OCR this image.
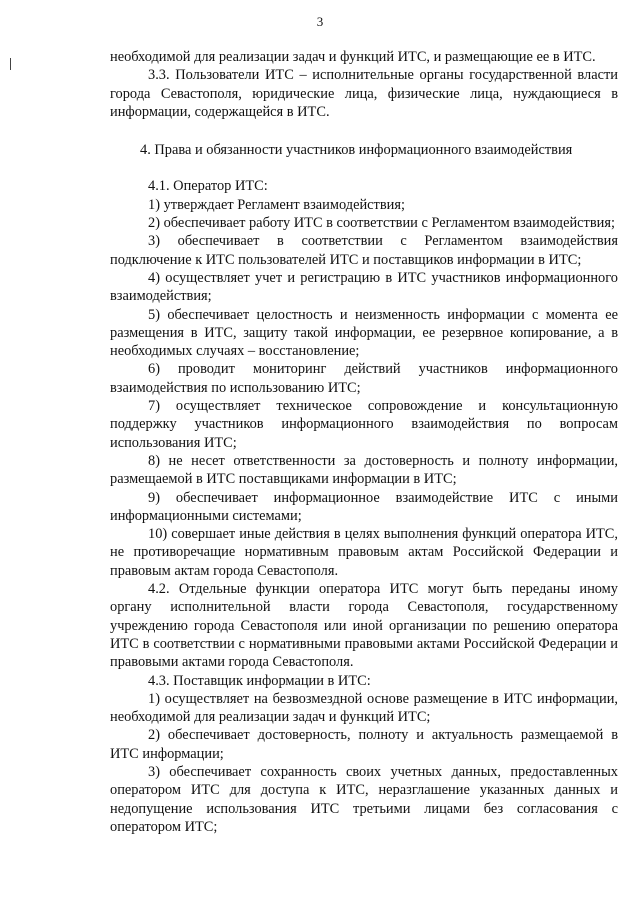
3

необходимой для реализации задач и функций ИТС, и размещающие ее в ИТС.

3.3. Пользователи ИТС – исполнительные органы государственной власти города Севастополя, юридические лица, физические лица, нуждающиеся в информации, содержащейся в ИТС.

4. Права и обязанности участников информационного взаимодействия

4.1. Оператор ИТС:

1) утверждает Регламент взаимодействия;

2) обеспечивает работу ИТС в соответствии с Регламентом взаимодействия;

3) обеспечивает в соответствии с Регламентом взаимодействия подключение к ИТС пользователей ИТС и поставщиков информации в ИТС;

4) осуществляет учет и регистрацию в ИТС участников информационного взаимодействия;

5) обеспечивает целостность и неизменность информации с момента ее размещения в ИТС, защиту такой информации, ее резервное копирование, а в необходимых случаях – восстановление;

6) проводит мониторинг действий участников информационного взаимодействия по использованию ИТС;

7) осуществляет техническое сопровождение и консультационную поддержку участников информационного взаимодействия по вопросам использования ИТС;

8) не несет ответственности за достоверность и полноту информации, размещаемой в ИТС поставщиками информации в ИТС;

9) обеспечивает информационное взаимодействие ИТС с иными информационными системами;

10) совершает иные действия в целях выполнения функций оператора ИТС, не противоречащие нормативным правовым актам Российской Федерации и правовым актам города Севастополя.

4.2. Отдельные функции оператора ИТС могут быть переданы иному органу исполнительной власти города Севастополя, государственному учреждению города Севастополя или иной организации по решению оператора ИТС в соответствии с нормативными правовыми актами Российской Федерации и правовыми актами города Севастополя.

4.3. Поставщик информации в ИТС:

1) осуществляет на безвозмездной основе размещение в ИТС информации, необходимой для реализации задач и функций ИТС;

2) обеспечивает достоверность, полноту и актуальность размещаемой в ИТС информации;

3) обеспечивает сохранность своих учетных данных, предоставленных оператором ИТС для доступа к ИТС, неразглашение указанных данных и недопущение использования ИТС третьими лицами без согласования с оператором ИТС;
